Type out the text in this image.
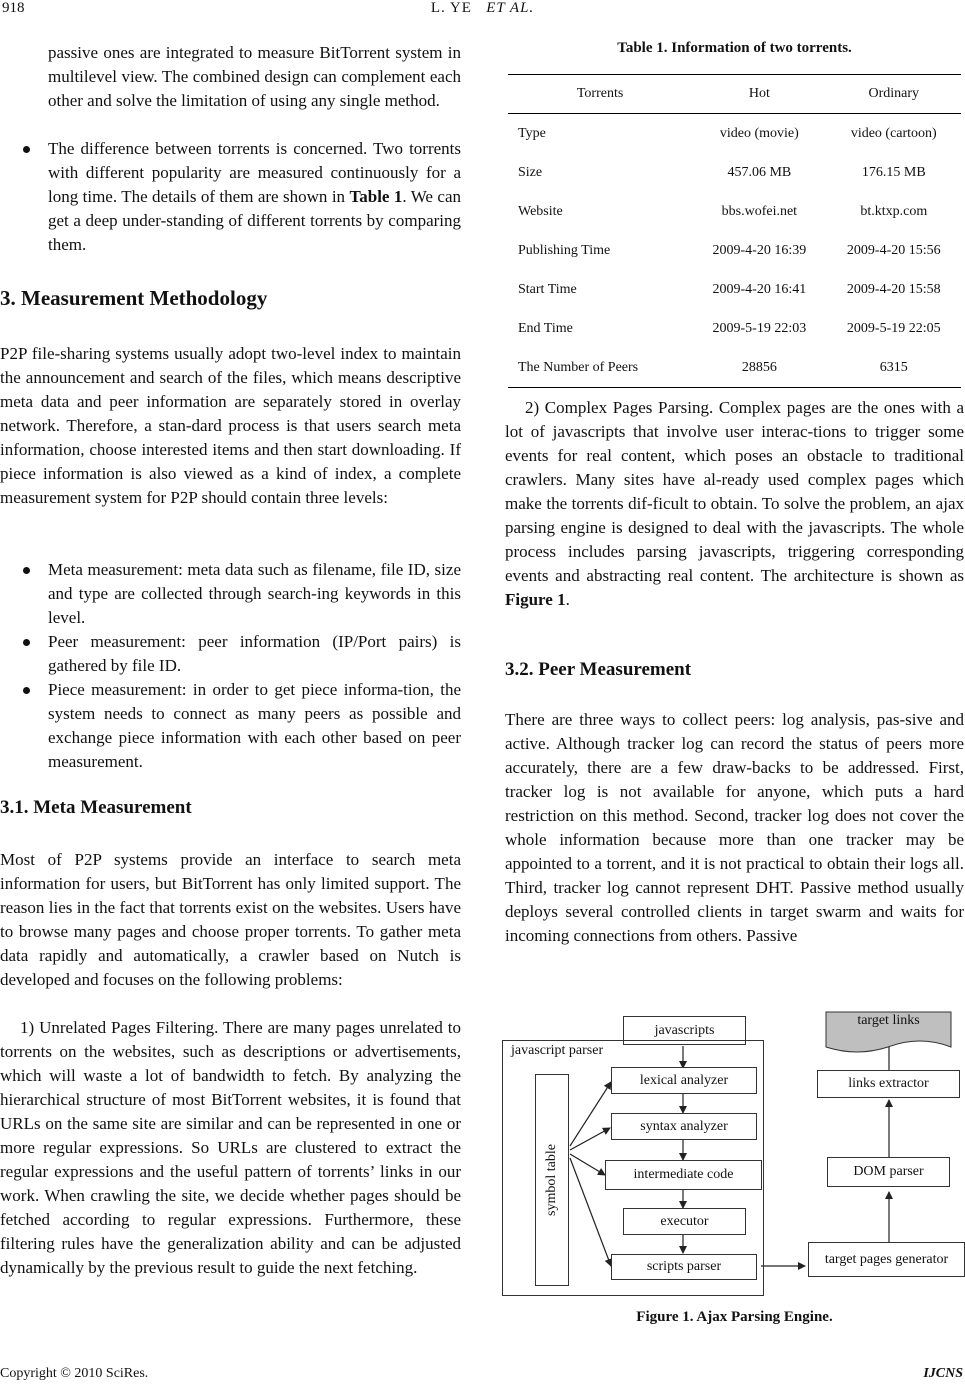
918	L. YE ET AL.
passive ones are integrated to measure BitTorrent system in multilevel view. The combined design can complement each other and solve the limitation of using any single method.
The difference between torrents is concerned. Two torrents with different popularity are measured continuously for a long time. The details of them are shown in Table 1. We can get a deep under-standing of different torrents by comparing them.
3. Measurement Methodology
P2P file-sharing systems usually adopt two-level index to maintain the announcement and search of the files, which means descriptive meta data and peer information are separately stored in overlay network. Therefore, a stan-dard process is that users search meta information, choose interested items and then start downloading. If piece information is also viewed as a kind of index, a complete measurement system for P2P should contain three levels:
Meta measurement: meta data such as filename, file ID, size and type are collected through search-ing keywords in this level.
Peer measurement: peer information (IP/Port pairs) is gathered by file ID.
Piece measurement: in order to get piece informa-tion, the system needs to connect as many peers as possible and exchange piece information with each other based on peer measurement.
3.1. Meta Measurement
Most of P2P systems provide an interface to search meta information for users, but BitTorrent has only limited support. The reason lies in the fact that torrents exist on the websites. Users have to browse many pages and choose proper torrents. To gather meta data rapidly and automatically, a crawler based on Nutch is developed and focuses on the following problems:
1) Unrelated Pages Filtering. There are many pages unrelated to torrents on the websites, such as descriptions or advertisements, which will waste a lot of bandwidth to fetch. By analyzing the hierarchical structure of most BitTorrent websites, it is found that URLs on the same site are similar and can be represented in one or more regular expressions. So URLs are clustered to extract the regular expressions and the useful pattern of torrents’ links in our work. When crawling the site, we decide whether pages should be fetched according to regular expressions. Furthermore, these filtering rules have the generalization ability and can be adjusted dynamically by the previous result to guide the next fetching.
Table 1. Information of two torrents.
Torrents	Hot	Ordinary
Type	video (movie)	video (cartoon)
Size	457.06 MB	176.15 MB
Website	bbs.wofei.net	bt.ktxp.com
Publishing Time	2009-4-20 16:39	2009-4-20 15:56
Start Time	2009-4-20 16:41	2009-4-20 15:58
End Time	2009-5-19 22:03	2009-5-19 22:05
The Number of Peers	28856	6315
2) Complex Pages Parsing. Complex pages are the ones with a lot of javascripts that involve user interac-tions to trigger some events for real content, which poses an obstacle to traditional crawlers. Many sites have al-ready used complex pages which make the torrents dif-ficult to obtain. To solve the problem, an ajax parsing engine is designed to deal with the javascripts. The whole process includes parsing javascripts, triggering corresponding events and abstracting real content. The architecture is shown as Figure 1.
3.2. Peer Measurement
There are three ways to collect peers: log analysis, pas-sive and active. Although tracker log can record the status of peers more accurately, there are a few draw-backs to be addressed. First, tracker log is not available for anyone, which puts a hard restriction on this method. Second, tracker log does not cover the whole information because more than one tracker may be appointed to a torrent, and it is not practical to obtain their logs all. Third, tracker log cannot represent DHT. Passive method usually deploys several controlled clients in target swarm and waits for incoming connections from others. Passive
target links
javascripts
javascript parser
symbol table
lexical analyzer
syntax analyzer
intermediate code
executor
scripts parser
links extractor
DOM parser
target pages generator
Figure 1. Ajax Parsing Engine.
Copyright © 2010 SciRes.	IJCNS
